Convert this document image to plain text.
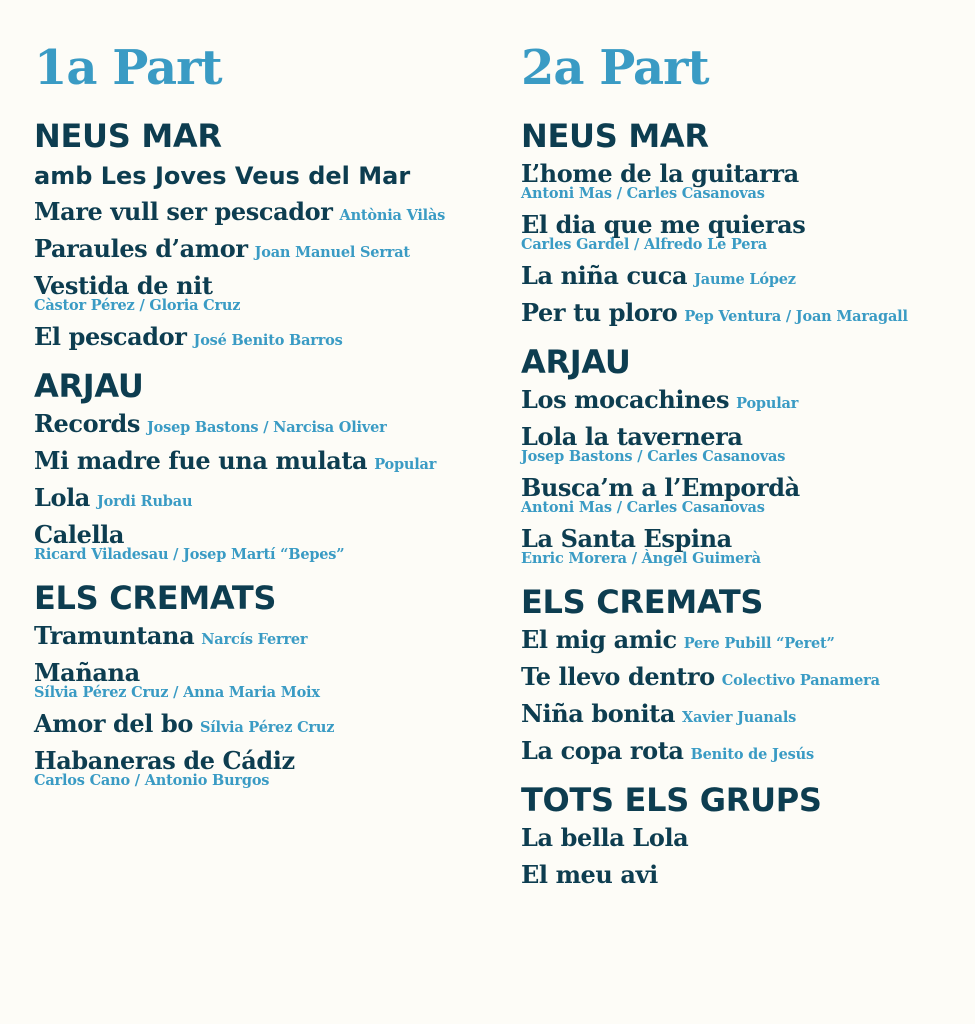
1a Part
NEUS MAR
amb Les Joves Veus del Mar
Mare vull ser pescador Antònia Vilàs
Paraules d’amor Joan Manuel Serrat
Vestida de nit
Càstor Pérez / Gloria Cruz
El pescador José Benito Barros
ARJAU
Records Josep Bastons / Narcisa Oliver
Mi madre fue una mulata Popular
Lola Jordi Rubau
Calella
Ricard Viladesau / Josep Martí “Bepes”
ELS CREMATS
Tramuntana Narcís Ferrer
Mañana
Sílvia Pérez Cruz / Anna Maria Moix
Amor del bo Sílvia Pérez Cruz
Habaneras de Cádiz
Carlos Cano / Antonio Burgos
2a Part
NEUS MAR
L’home de la guitarra
Antoni Mas / Carles Casanovas
El dia que me quieras
Carles Gardel / Alfredo Le Pera
La niña cuca Jaume López
Per tu ploro Pep Ventura / Joan Maragall
ARJAU
Los mocachines Popular
Lola la tavernera
Josep Bastons / Carles Casanovas
Busca’m a l’Empordà
Antoni Mas / Carles Casanovas
La Santa Espina
Enric Morera / Àngel Guimerà
ELS CREMATS
El mig amic Pere Pubill “Peret”
Te llevo dentro Colectivo Panamera
Niña bonita Xavier Juanals
La copa rota Benito de Jesús
TOTS ELS GRUPS
La bella Lola
El meu avi
